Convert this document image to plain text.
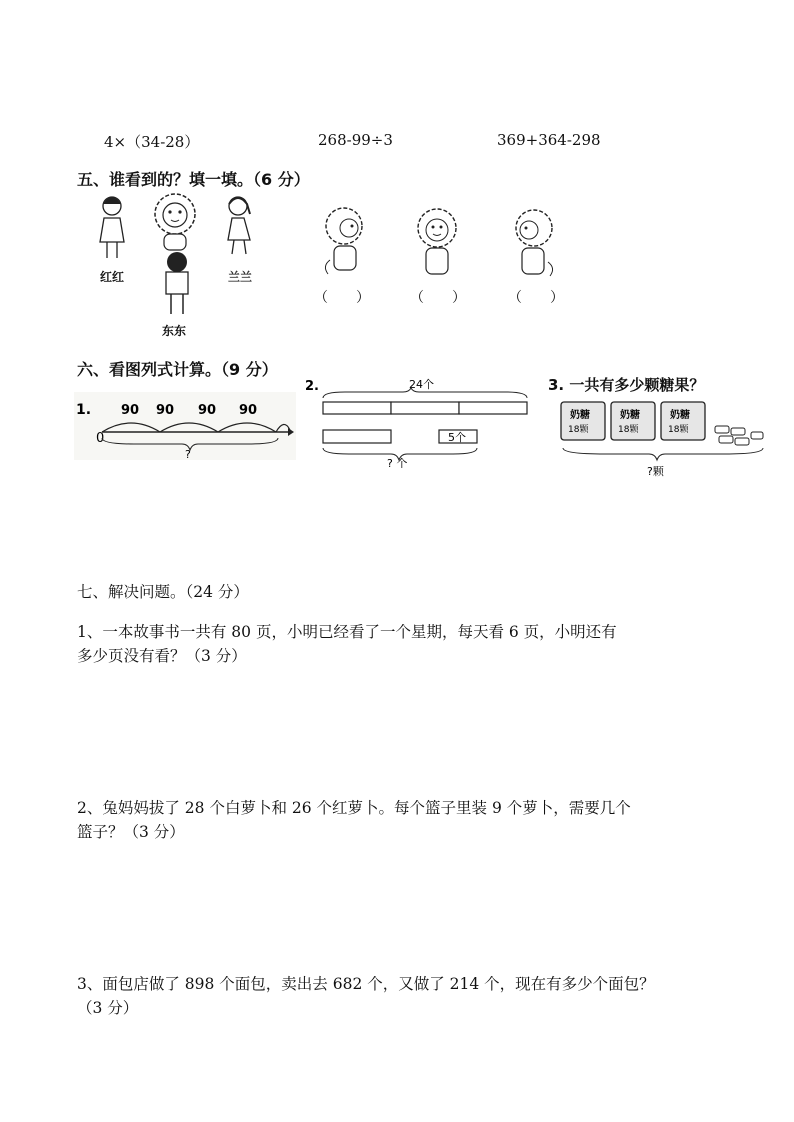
4×（34-28）	268-99÷3	369+364-298
五、谁看到的？填一填。（6 分）
红红	兰兰
东东
（　　）	（　　）	（　　）
六、看图列式计算。（9 分）
1.
0
90 90 90 90
?
2.	24个
5个
? 个
3. 一共有多少颗糖果？
奶糖
18颗
奶糖
18颗
奶糖
18颗
?颗
七、解决问题。（24 分）
1、一本故事书一共有 80 页，小明已经看了一个星期，每天看 6 页，小明还有
多少页没有看？（3 分）
2、兔妈妈拔了 28 个白萝卜和 26 个红萝卜。每个篮子里装 9 个萝卜，需要几个
篮子？（3 分）
3、面包店做了 898 个面包，卖出去 682 个，又做了 214 个，现在有多少个面包？
（3 分）
